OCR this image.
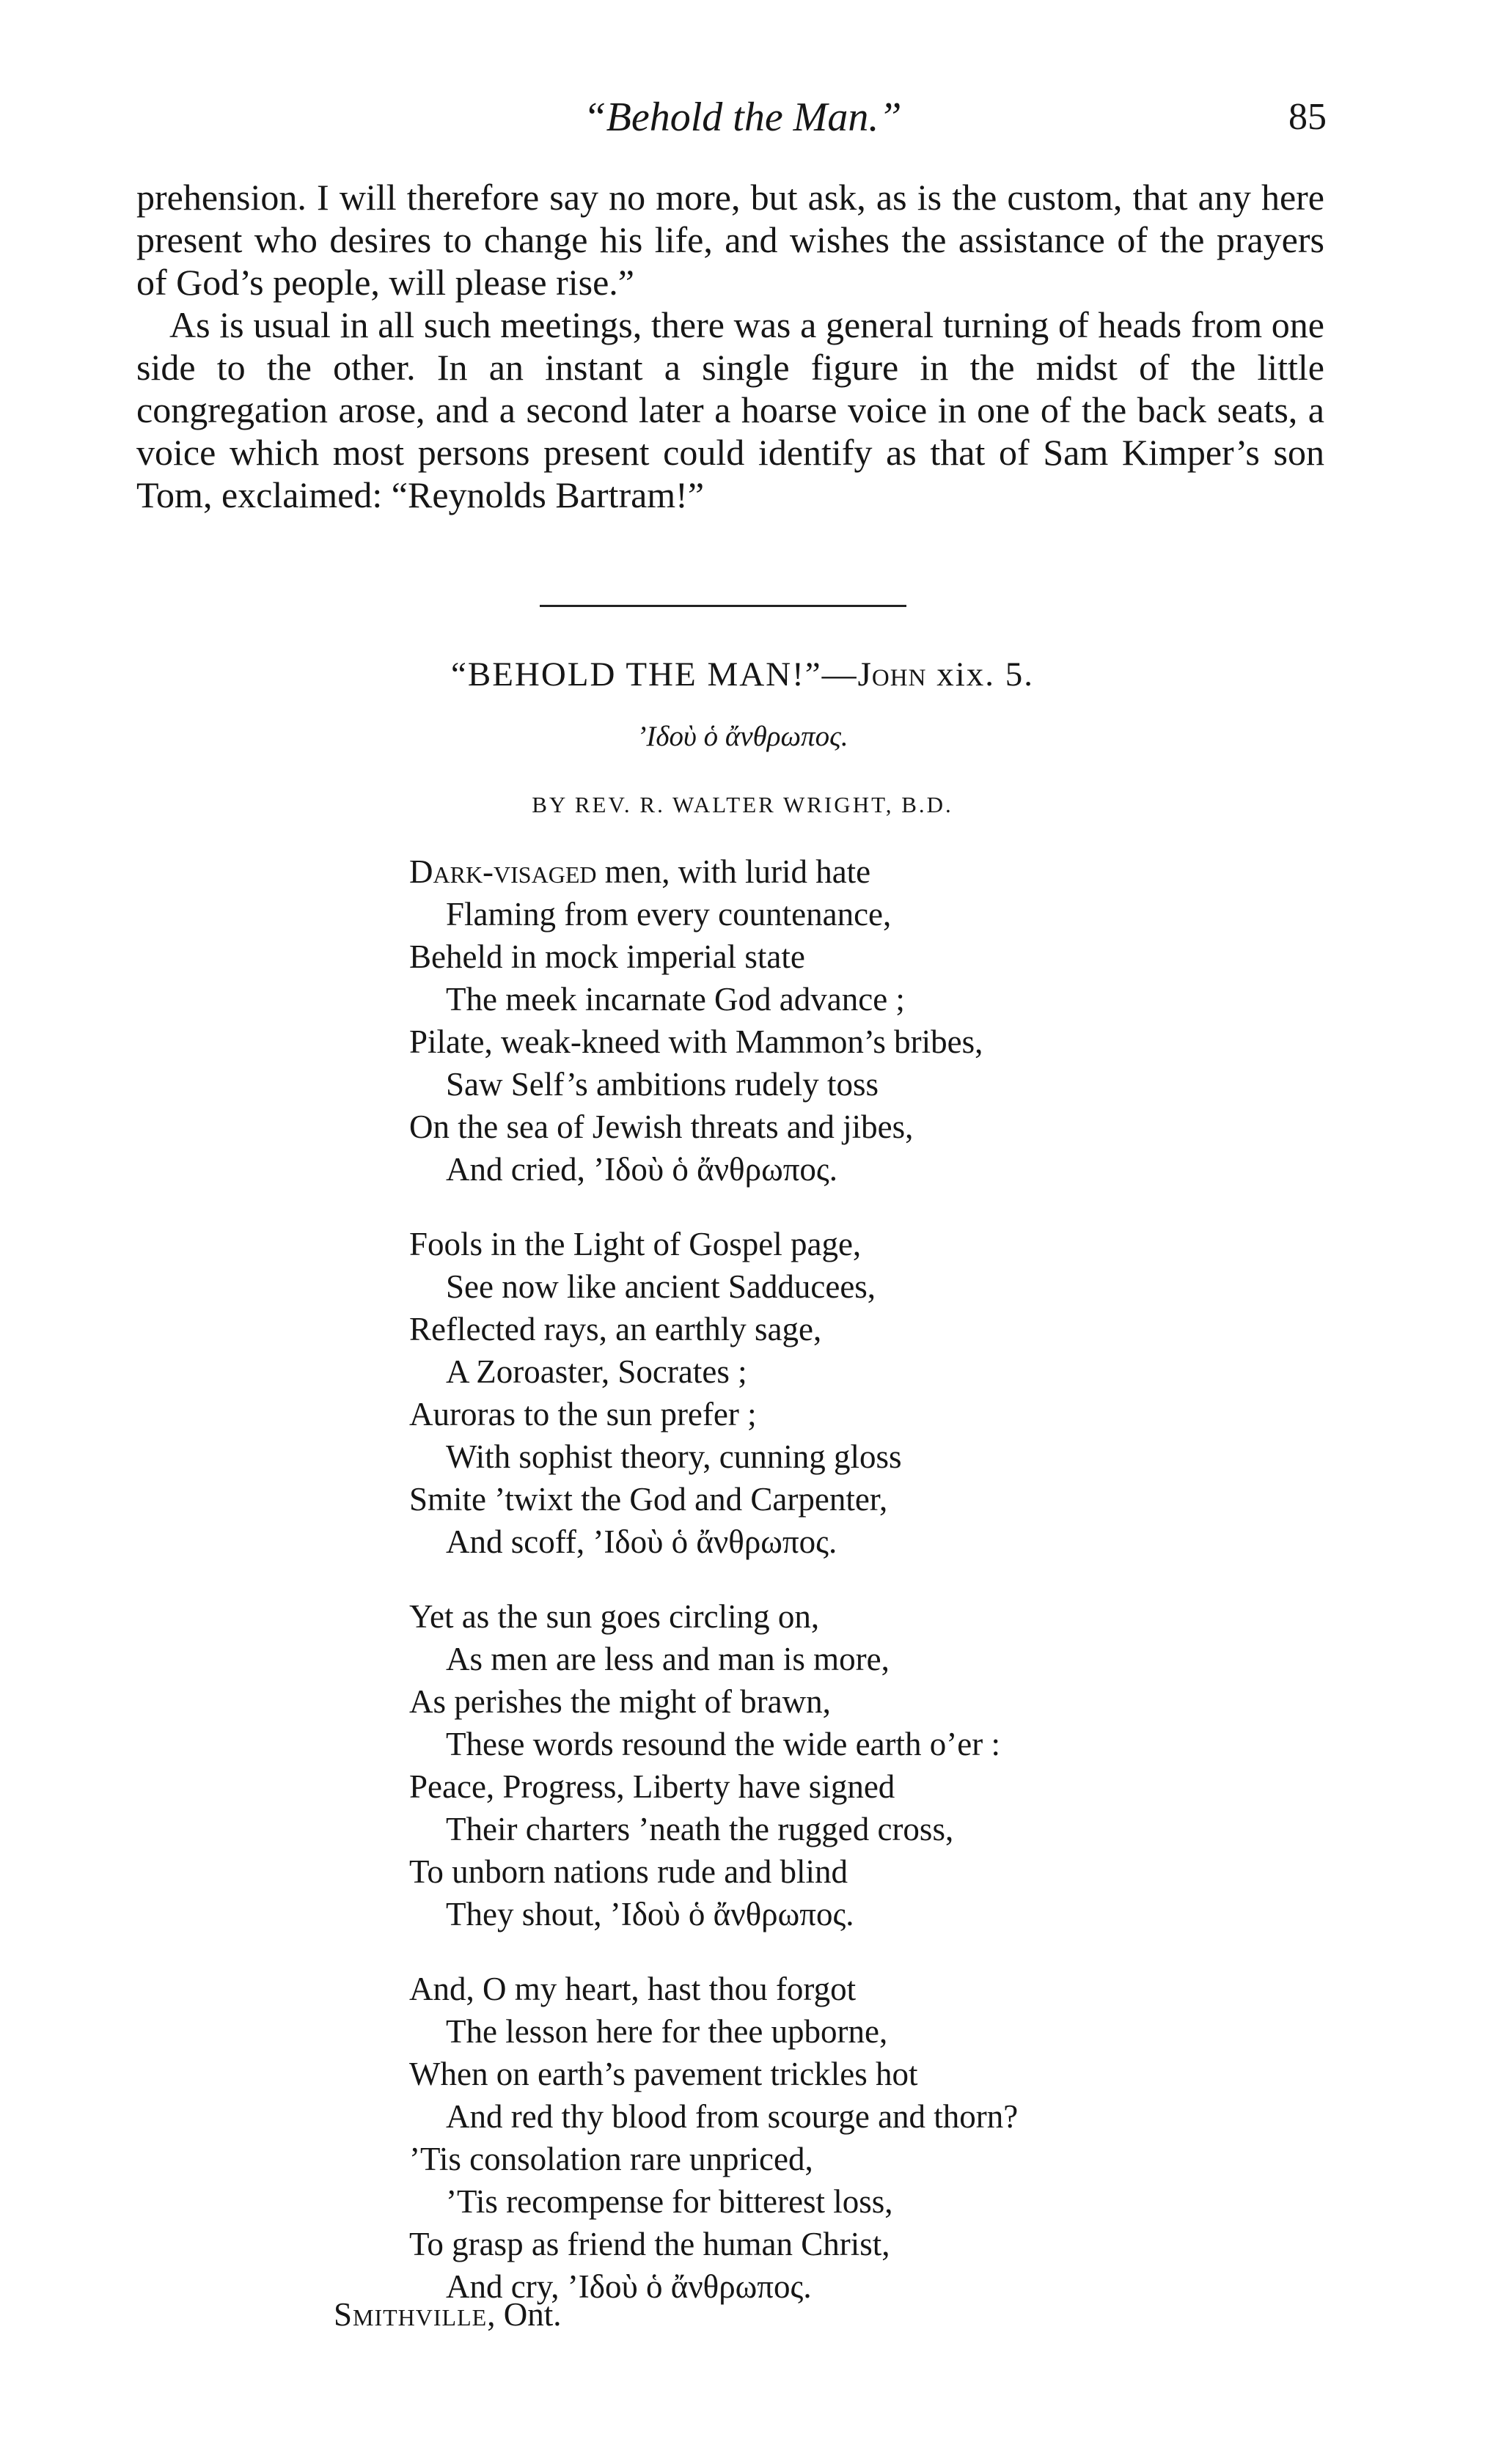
“Behold the Man.”	85

prehension. I will therefore say no more, but ask, as is the custom, that any here present who desires to change his life, and wishes the assistance of the prayers of God’s people, will please rise.”

As is usual in all such meetings, there was a general turning of heads from one side to the other. In an instant a single figure in the midst of the little congregation arose, and a second later a hoarse voice in one of the back seats, a voice which most persons present could identify as that of Sam Kimper’s son Tom, exclaimed: “Reynolds Bartram!”

“BEHOLD THE MAN!”—John xix. 5.
’Ιδοὺ ὁ ἄνθρωπος.
BY REV. R. WALTER WRIGHT, B.D.
Dark-visaged men, with lurid hate
Flaming from every countenance,
Beheld in mock imperial state
The meek incarnate God advance ;
Pilate, weak-kneed with Mammon’s bribes,
Saw Self’s ambitions rudely toss
On the sea of Jewish threats and jibes,
And cried, ’Ιδοὺ ὁ ἄνθρωπος.
Fools in the Light of Gospel page,
See now like ancient Sadducees,
Reflected rays, an earthly sage,
A Zoroaster, Socrates ;
Auroras to the sun prefer ;
With sophist theory, cunning gloss
Smite ’twixt the God and Carpenter,
And scoff, ’Ιδοὺ ὁ ἄνθρωπος.
Yet as the sun goes circling on,
As men are less and man is more,
As perishes the might of brawn,
These words resound the wide earth o’er :
Peace, Progress, Liberty have signed
Their charters ’neath the rugged cross,
To unborn nations rude and blind
They shout, ’Ιδοὺ ὁ ἄνθρωπος.
And, O my heart, hast thou forgot
The lesson here for thee upborne,
When on earth’s pavement trickles hot
And red thy blood from scourge and thorn?
’Tis consolation rare unpriced,
’Tis recompense for bitterest loss,
To grasp as friend the human Christ,
And cry, ’Ιδοὺ ὁ ἄνθρωπος.
Smithville, Ont.
